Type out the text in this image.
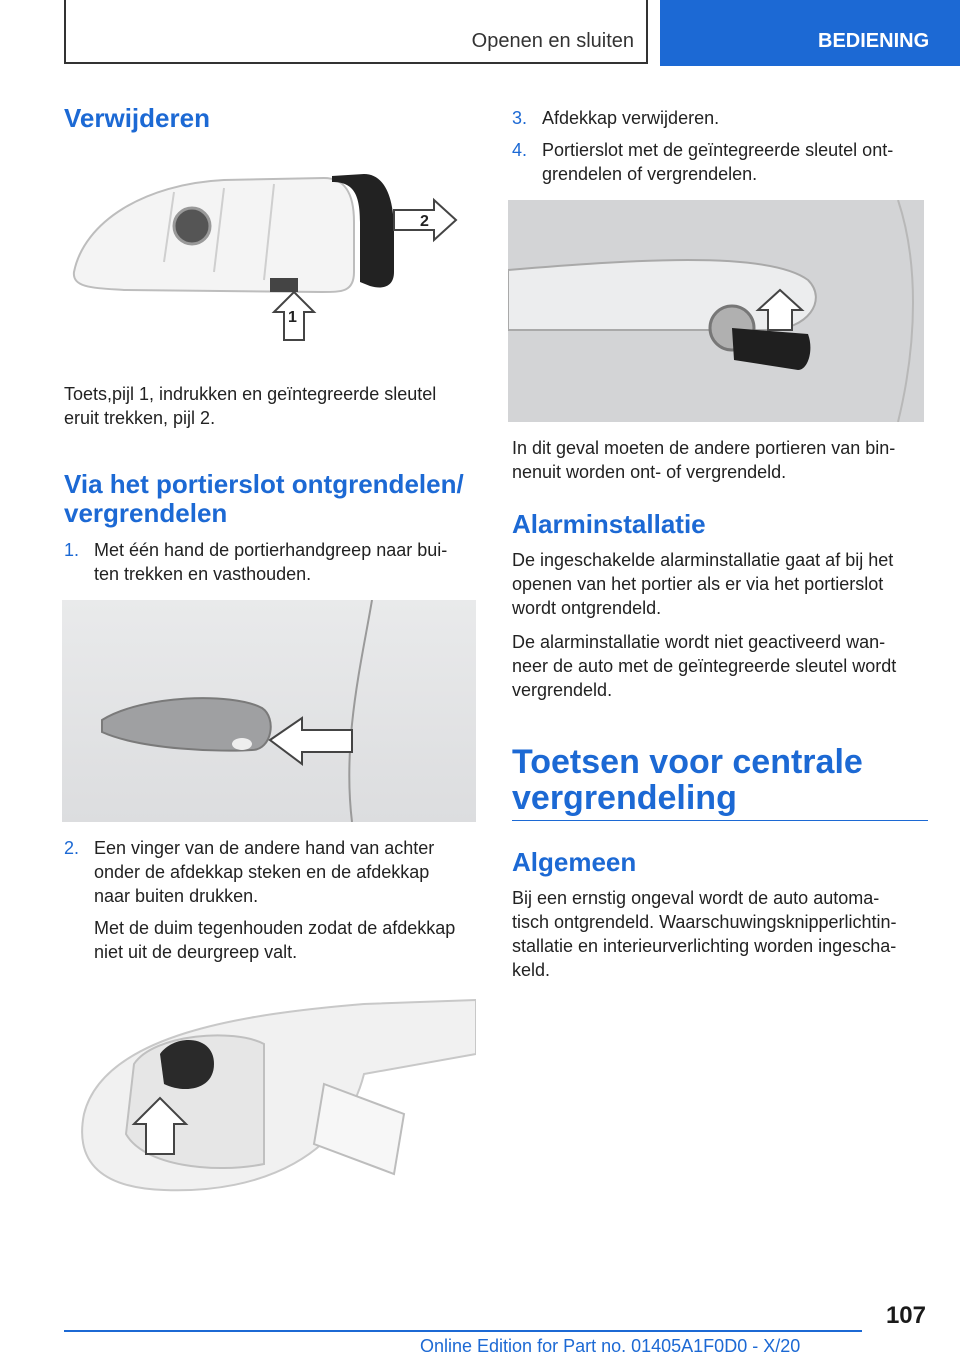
Openen en sluiten	BEDIENING
Verwijderen
2
1
Toets,pijl 1, indrukken en geïntegreerde sleutel
eruit trekken, pijl 2.
Via het portierslot ontgrendelen/
vergrendelen
1. Met één hand de portierhandgreep naar bui-
ten trekken en vasthouden.
2. Een vinger van de andere hand van achter
onder de afdekkap steken en de afdekkap
naar buiten drukken.
Met de duim tegenhouden zodat de afdekkap
niet uit de deurgreep valt.
3. Afdekkap verwijderen.
4. Portierslot met de geïntegreerde sleutel ont-
grendelen of vergrendelen.
In dit geval moeten de andere portieren van bin-
nenuit worden ont- of vergrendeld.
Alarminstallatie
De ingeschakelde alarminstallatie gaat af bij het
openen van het portier als er via het portierslot
wordt ontgrendeld.
De alarminstallatie wordt niet geactiveerd wan-
neer de auto met de geïntegreerde sleutel wordt
vergrendeld.
Toetsen voor centrale
vergrendeling
Algemeen
Bij een ernstig ongeval wordt de auto automa-
tisch ontgrendeld. Waarschuwingsknipperlichtin-
stallatie en interieurverlichting worden ingescha-
keld.
107
Online Edition for Part no. 01405A1F0D0 - X/20
